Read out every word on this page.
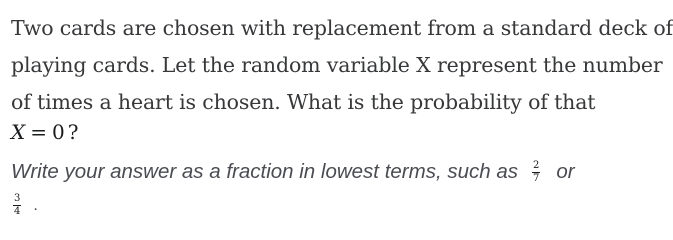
Two cards are chosen with replacement from a standard deck of
playing cards. Let the random variable X represent the number
of times a heart is chosen. What is the probability of that
X = 0 ?
Write your answer as a fraction in lowest terms, such as $\frac{2}{7}$ or
$\frac{3}{4}$ .
